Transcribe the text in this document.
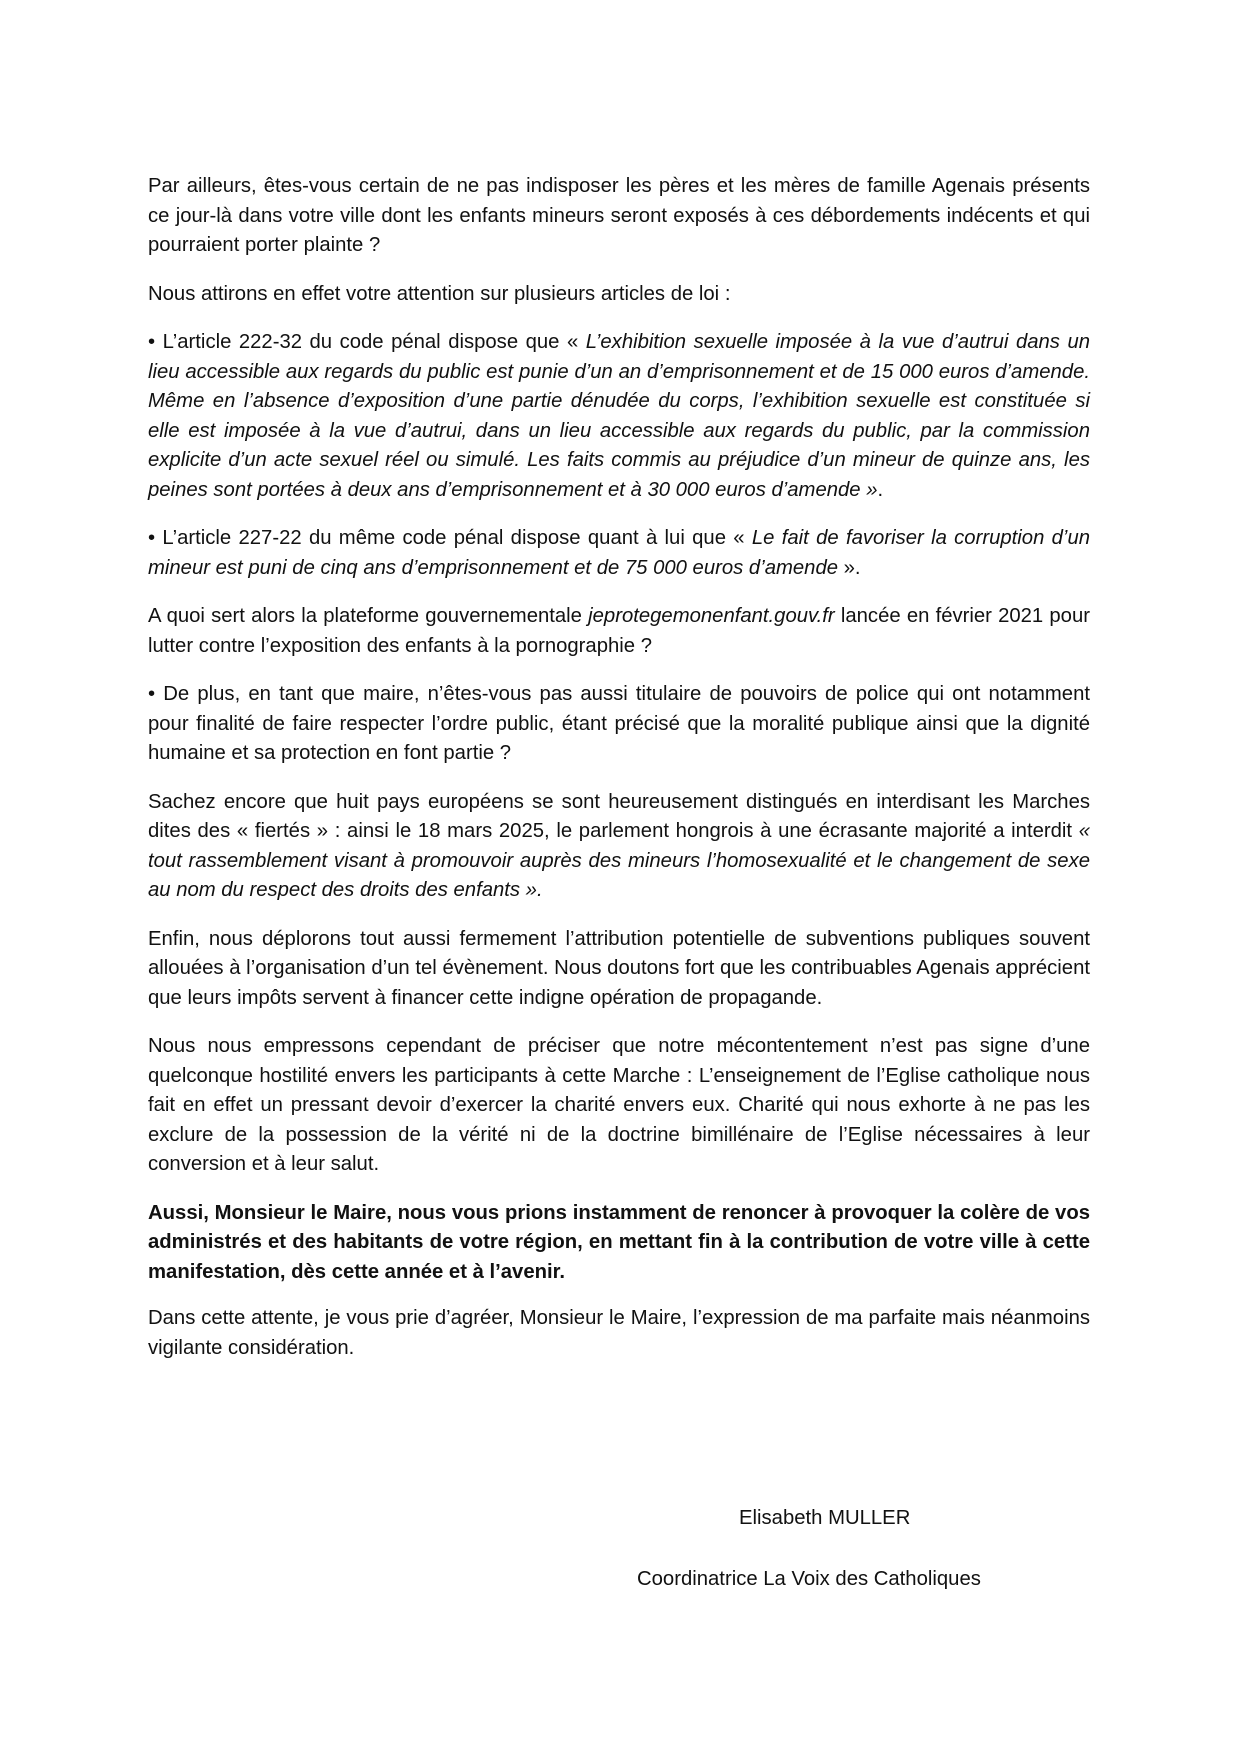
Par ailleurs, êtes-vous certain de ne pas indisposer les pères et les mères de famille Agenais présents ce jour-là dans votre ville dont les enfants mineurs seront exposés à ces débordements indécents et qui pourraient porter plainte ?

Nous attirons en effet votre attention sur plusieurs articles de loi :

• L’article 222-32 du code pénal dispose que « L’exhibition sexuelle imposée à la vue d’autrui dans un lieu accessible aux regards du public est punie d’un an d’emprisonnement et de 15 000 euros d’amende. Même en l’absence d’exposition d’une partie dénudée du corps, l’exhibition sexuelle est constituée si elle est imposée à la vue d’autrui, dans un lieu accessible aux regards du public, par la commission explicite d’un acte sexuel réel ou simulé. Les faits commis au préjudice d’un mineur de quinze ans, les peines sont portées à deux ans d’emprisonnement et à 30 000 euros d’amende ».

• L’article 227-22 du même code pénal dispose quant à lui que « Le fait de favoriser la corruption d’un mineur est puni de cinq ans d’emprisonnement et de 75 000 euros d’amende ».

A quoi sert alors la plateforme gouvernementale jeprotegemonenfant.gouv.fr lancée en février 2021 pour lutter contre l’exposition des enfants à la pornographie ?

• De plus, en tant que maire, n’êtes-vous pas aussi titulaire de pouvoirs de police qui ont notamment pour finalité de faire respecter l’ordre public, étant précisé que la moralité publique ainsi que la dignité humaine et sa protection en font partie ?

Sachez encore que huit pays européens se sont heureusement distingués en interdisant les Marches dites des « fiertés » : ainsi le 18 mars 2025, le parlement hongrois à une écrasante majorité a interdit « tout rassemblement visant à promouvoir auprès des mineurs l’homosexualité et le changement de sexe au nom du respect des droits des enfants ».

Enfin, nous déplorons tout aussi fermement l’attribution potentielle de subventions publiques souvent allouées à l’organisation d’un tel évènement. Nous doutons fort que les contribuables Agenais apprécient que leurs impôts servent à financer cette indigne opération de propagande.

Nous nous empressons cependant de préciser que notre mécontentement n’est pas signe d’une quelconque hostilité envers les participants à cette Marche : L’enseignement de l’Eglise catholique nous fait en effet un pressant devoir d’exercer la charité envers eux. Charité qui nous exhorte à ne pas les exclure de la possession de la vérité ni de la doctrine bimillénaire de l’Eglise nécessaires à leur conversion et à leur salut.

Aussi, Monsieur le Maire, nous vous prions instamment de renoncer à provoquer la colère de vos administrés et des habitants de votre région, en mettant fin à la contribution de votre ville à cette manifestation, dès cette année et à l’avenir.

Dans cette attente, je vous prie d’agréer, Monsieur le Maire, l’expression de ma parfaite mais néanmoins vigilante considération.

Elisabeth MULLER
Coordinatrice La Voix des Catholiques
